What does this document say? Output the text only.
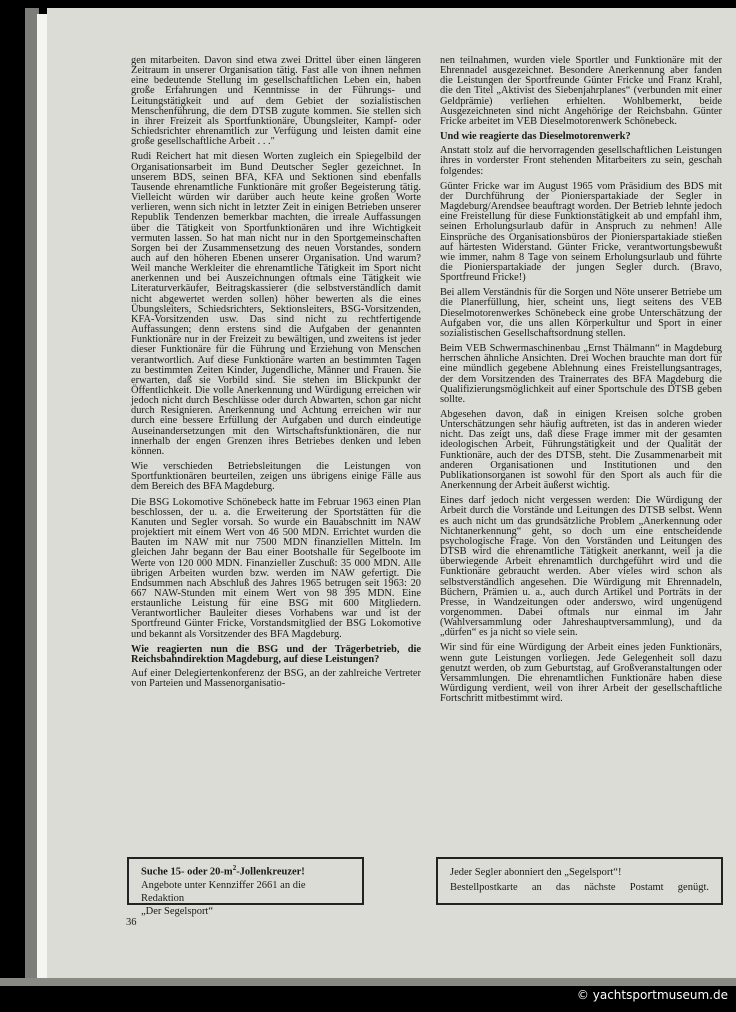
gen mitarbeiten. Davon sind etwa zwei Drittel über einen längeren Zeitraum in unserer Organisation tätig. Fast alle von ihnen nehmen eine bedeutende Stellung im gesellschaftlichen Leben ein, haben große Erfahrungen und Kenntnisse in der Führungs- und Leitungstätigkeit und auf dem Gebiet der sozialistischen Menschenführung, die dem DTSB zugute kommen. Sie stellen sich in ihrer Freizeit als Sportfunktionäre, Übungsleiter, Kampf- oder Schiedsrichter ehrenamtlich zur Verfügung und leisten damit eine große gesellschaftliche Arbeit . . ."

Rudi Reichert hat mit diesen Worten zugleich ein Spiegelbild der Organisationsarbeit im Bund Deutscher Segler gezeichnet. In unserem BDS, seinen BFA, KFA und Sektionen sind ebenfalls Tausende ehrenamtliche Funktionäre mit großer Begeisterung tätig. Vielleicht würden wir darüber auch heute keine großen Worte verlieren, wenn sich nicht in letzter Zeit in einigen Betrieben unserer Republik Tendenzen bemerkbar machten, die irreale Auffassungen über die Tätigkeit von Sportfunktionären und ihre Wichtigkeit vermuten lassen. So hat man nicht nur in den Sportgemeinschaften Sorgen bei der Zusammensetzung des neuen Vorstandes, sondern auch auf den höheren Ebenen unserer Organisation. Und warum? Weil manche Werkleiter die ehrenamtliche Tätigkeit im Sport nicht anerkennen und bei Auszeichnungen oftmals eine Tätigkeit wie Literaturverkäufer, Beitragskassierer (die selbstverständlich damit nicht abgewertet werden sollen) höher bewerten als die eines Übungsleiters, Schiedsrichters, Sektionsleiters, BSG-Vorsitzenden, KFA-Vorsitzenden usw. Das sind nicht zu rechtfertigende Auffassungen; denn erstens sind die Aufgaben der genannten Funktionäre nur in der Freizeit zu bewältigen, und zweitens ist jeder dieser Funktionäre für die Führung und Erziehung von Menschen verantwortlich. Auf diese Funktionäre warten an bestimmten Tagen zu bestimmten Zeiten Kinder, Jugendliche, Männer und Frauen. Sie erwarten, daß sie Vorbild sind. Sie stehen im Blickpunkt der Öffentlichkeit. Die volle Anerkennung und Würdigung erreichen wir jedoch nicht durch Beschlüsse oder durch Abwarten, schon gar nicht durch Resignieren. Anerkennung und Achtung erreichen wir nur durch eine bessere Erfüllung der Aufgaben und durch eindeutige Auseinandersetzungen mit den Wirtschaftsfunktionären, die nur innerhalb der engen Grenzen ihres Betriebes denken und leben können.

Wie verschieden Betriebsleitungen die Leistungen von Sportfunktionären beurteilen, zeigen uns übrigens einige Fälle aus dem Bereich des BFA Magdeburg.

Die BSG Lokomotive Schönebeck hatte im Februar 1963 einen Plan beschlossen, der u. a. die Erweiterung der Sportstätten für die Kanuten und Segler vorsah. So wurde ein Bauabschnitt im NAW projektiert mit einem Wert von 46 500 MDN. Errichtet wurden die Bauten im NAW mit nur 7500 MDN finanziellen Mitteln. Im gleichen Jahr begann der Bau einer Bootshalle für Segelboote im Werte von 120 000 MDN. Finanzieller Zuschuß: 35 000 MDN. Alle übrigen Arbeiten wurden bzw. werden im NAW gefertigt. Die Endsummen nach Abschluß des Jahres 1965 betrugen seit 1963: 20 667 NAW-Stunden mit einem Wert von 98 395 MDN. Eine erstaunliche Leistung für eine BSG mit 600 Mitgliedern. Verantwortlicher Bauleiter dieses Vorhabens war und ist der Sportfreund Günter Fricke, Vorstandsmitglied der BSG Lokomotive und bekannt als Vorsitzender des BFA Magdeburg.

Wie reagierten nun die BSG und der Trägerbetrieb, die Reichsbahndirektion Magdeburg, auf diese Leistungen?

Auf einer Delegiertenkonferenz der BSG, an der zahlreiche Vertreter von Parteien und Massenorganisatio-

nen teilnahmen, wurden viele Sportler und Funktionäre mit der Ehrennadel ausgezeichnet. Besondere Anerkennung aber fanden die Leistungen der Sportfreunde Günter Fricke und Franz Krahl, die den Titel „Aktivist des Siebenjahrplanes“ (verbunden mit einer Geldprämie) verliehen erhielten. Wohlbemerkt, beide Ausgezeichneten sind nicht Angehörige der Reichsbahn. Günter Fricke arbeitet im VEB Dieselmotorenwerk Schönebeck.

Und wie reagierte das Dieselmotorenwerk?

Anstatt stolz auf die hervorragenden gesellschaftlichen Leistungen ihres in vorderster Front stehenden Mitarbeiters zu sein, geschah folgendes:

Günter Fricke war im August 1965 vom Präsidium des BDS mit der Durchführung der Pionierspartakiade der Segler in Magdeburg/Arendsee beauftragt worden. Der Betrieb lehnte jedoch eine Freistellung für diese Funktionstätigkeit ab und empfahl ihm, seinen Erholungsurlaub dafür in Anspruch zu nehmen! Alle Einsprüche des Organisationsbüros der Pionierspartakiade stießen auf härtesten Widerstand. Günter Fricke, verantwortungsbewußt wie immer, nahm 8 Tage von seinem Erholungsurlaub und führte die Pionierspartakiade der jungen Segler durch. (Bravo, Sportfreund Fricke!)

Bei allem Verständnis für die Sorgen und Nöte unserer Betriebe um die Planerfüllung, hier, scheint uns, liegt seitens des VEB Dieselmotorenwerkes Schönebeck eine grobe Unterschätzung der Aufgaben vor, die uns allen Körperkultur und Sport in einer sozialistischen Gesellschaftsordnung stellen.

Beim VEB Schwermaschinenbau „Ernst Thälmann“ in Magdeburg herrschen ähnliche Ansichten. Drei Wochen brauchte man dort für eine mündlich gegebene Ablehnung eines Freistellungsantrages, der dem Vorsitzenden des Trainerrates des BFA Magdeburg die Qualifizierungsmöglichkeit auf einer Sportschule des DTSB geben sollte.

Abgesehen davon, daß in einigen Kreisen solche groben Unterschätzungen sehr häufig auftreten, ist das in anderen wieder nicht. Das zeigt uns, daß diese Frage immer mit der gesamten ideologischen Arbeit, Führungstätigkeit und der Qualität der Funktionäre, auch der des DTSB, steht. Die Zusammenarbeit mit anderen Organisationen und Institutionen und den Publikationsorganen ist sowohl für den Sport als auch für die Anerkennung der Arbeit äußerst wichtig.

Eines darf jedoch nicht vergessen werden: Die Würdigung der Arbeit durch die Vorstände und Leitungen des DTSB selbst. Wenn es auch nicht um das grundsätzliche Problem „Anerkennung oder Nichtanerkennung“ geht, so doch um eine entscheidende psychologische Frage. Von den Vorständen und Leitungen des DTSB wird die ehrenamtliche Tätigkeit anerkannt, weil ja die überwiegende Arbeit ehrenamtlich durchgeführt wird und die Funktionäre gebraucht werden. Aber vieles wird schon als selbstverständlich angesehen. Die Würdigung mit Ehrennadeln, Büchern, Prämien u. a., auch durch Artikel und Porträts in der Presse, in Wandzeitungen oder anderswo, wird ungenügend vorgenommen. Dabei oftmals nur einmal im Jahr (Wahlversammlung oder Jahreshauptversammlung), und da „dürfen“ es ja nicht so viele sein.

Wir sind für eine Würdigung der Arbeit eines jeden Funktionärs, wenn gute Leistungen vorliegen. Jede Gelegenheit soll dazu genutzt werden, ob zum Geburtstag, auf Großveranstaltungen oder Versammlungen. Die ehrenamtlichen Funktionäre haben diese Würdigung verdient, weil von ihrer Arbeit der gesellschaftliche Fortschritt mitbestimmt wird.

Suche 15- oder $20-m^2$-Jollenkreuzer!
Angebote unter Kennziffer 2661 an die Redaktion
„Der Segelsport“
Jeder Segler abonniert den „Segelsport“!
Bestellpostkarte an das nächste Postamt genügt.
36
© yachtsportmuseum.de
